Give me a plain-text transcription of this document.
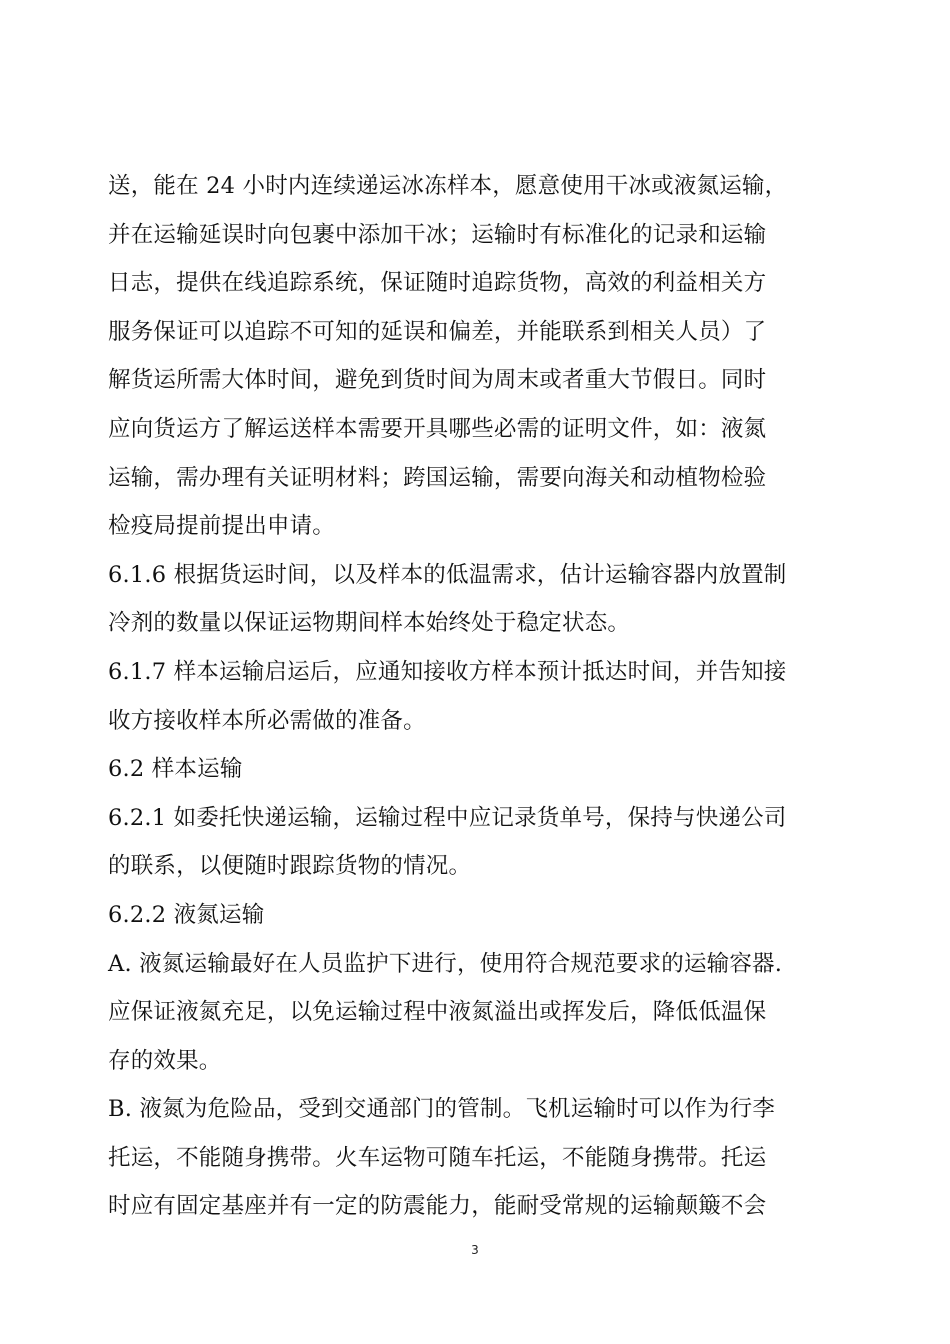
送，能在 24 小时内连续递运冰冻样本，愿意使用干冰或液氮运输，
并在运输延误时向包裹中添加干冰；运输时有标准化的记录和运输
日志，提供在线追踪系统，保证随时追踪货物，高效的利益相关方
服务保证可以追踪不可知的延误和偏差，并能联系到相关人员）了
解货运所需大体时间，避免到货时间为周末或者重大节假日。同时
应向货运方了解运送样本需要开具哪些必需的证明文件，如：液氮
运输，需办理有关证明材料；跨国运输，需要向海关和动植物检验
检疫局提前提出申请。
6.1.6 根据货运时间，以及样本的低温需求，估计运输容器内放置制
冷剂的数量以保证运物期间样本始终处于稳定状态。
6.1.7 样本运输启运后，应通知接收方样本预计抵达时间，并告知接
收方接收样本所必需做的准备。
6.2 样本运输
6.2.1 如委托快递运输，运输过程中应记录货单号，保持与快递公司
的联系，以便随时跟踪货物的情况。
6.2.2 液氮运输
A. 液氮运输最好在人员监护下进行，使用符合规范要求的运输容器.
应保证液氮充足，以免运输过程中液氮溢出或挥发后，降低低温保
存的效果。
B. 液氮为危险品，受到交通部门的管制。飞机运输时可以作为行李
托运，不能随身携带。火车运物可随车托运，不能随身携带。托运
时应有固定基座并有一定的防震能力，能耐受常规的运输颠簸不会
3
